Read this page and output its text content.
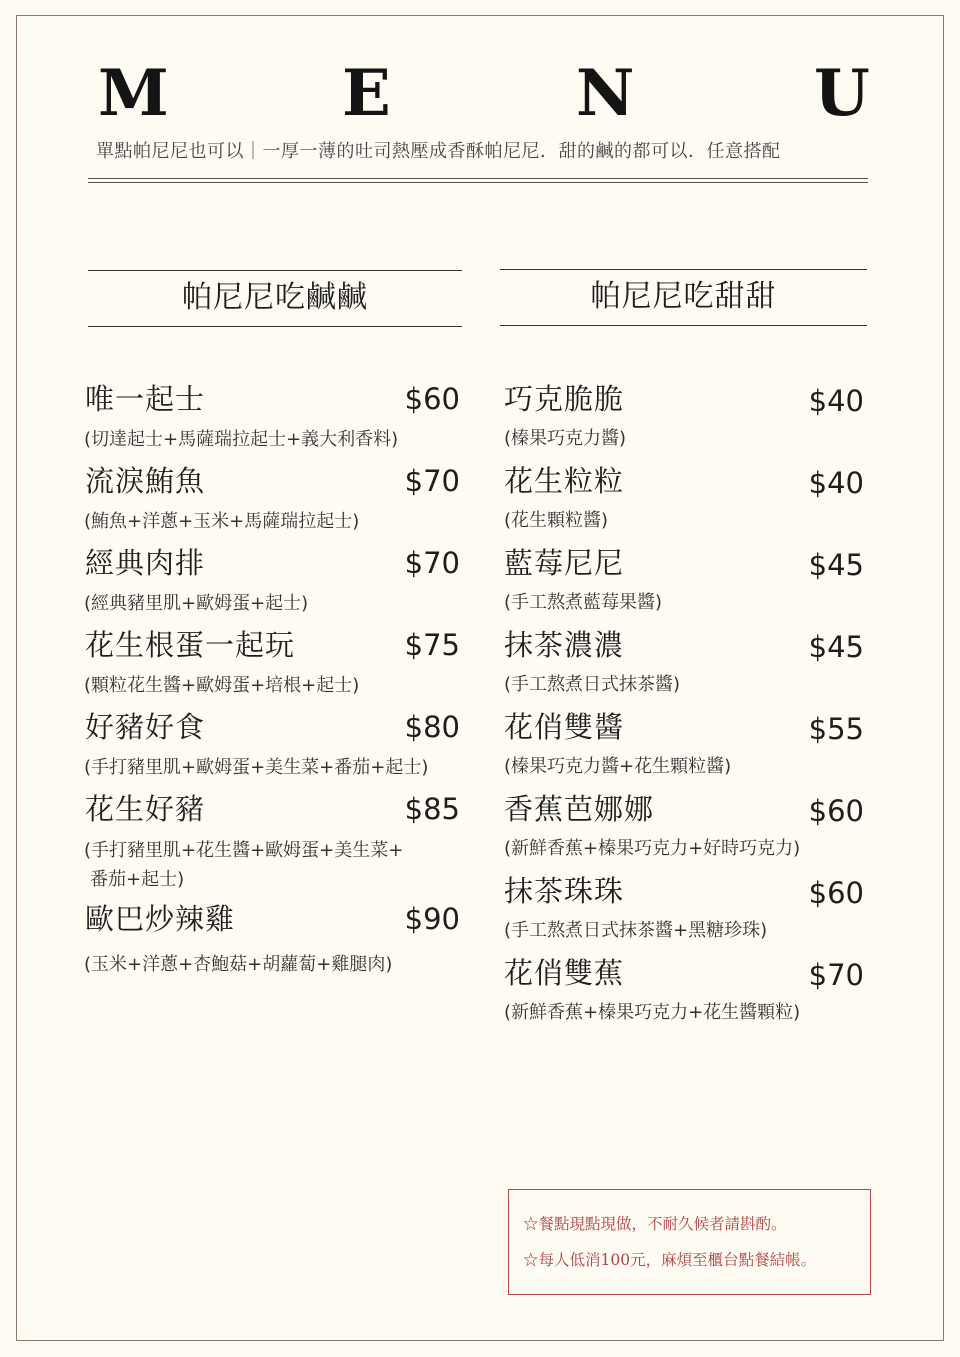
M	E	N	U
單點帕尼尼也可以｜一厚一薄的吐司熱壓成香酥帕尼尼．甜的鹹的都可以．任意搭配
帕尼尼吃鹹鹹
唯一起士	$60
(切達起士+馬薩瑞拉起士+義大利香料)
流淚鮪魚	$70
(鮪魚+洋蔥+玉米+馬薩瑞拉起士)
經典肉排	$70
(經典豬里肌+歐姆蛋+起士)
花生根蛋一起玩	$75
(顆粒花生醬+歐姆蛋+培根+起士)
好豬好食	$80
(手打豬里肌+歐姆蛋+美生菜+番茄+起士)
花生好豬	$85
(手打豬里肌+花生醬+歐姆蛋+美生菜+
番茄+起士)
歐巴炒辣雞	$90
(玉米+洋蔥+杏鮑菇+胡蘿蔔+雞腿肉)
帕尼尼吃甜甜
巧克脆脆	$40
(榛果巧克力醬)
花生粒粒	$40
(花生顆粒醬)
藍莓尼尼	$45
(手工熬煮藍莓果醬)
抹茶濃濃	$45
(手工熬煮日式抹茶醬)
花俏雙醬	$55
(榛果巧克力醬+花生顆粒醬)
香蕉芭娜娜	$60
(新鮮香蕉+榛果巧克力+好時巧克力)
抹茶珠珠	$60
(手工熬煮日式抹茶醬+黑糖珍珠)
花俏雙蕉	$70
(新鮮香蕉+榛果巧克力+花生醬顆粒)
☆餐點現點現做，不耐久候者請斟酌。
☆每人低消100元，麻煩至櫃台點餐結帳。
